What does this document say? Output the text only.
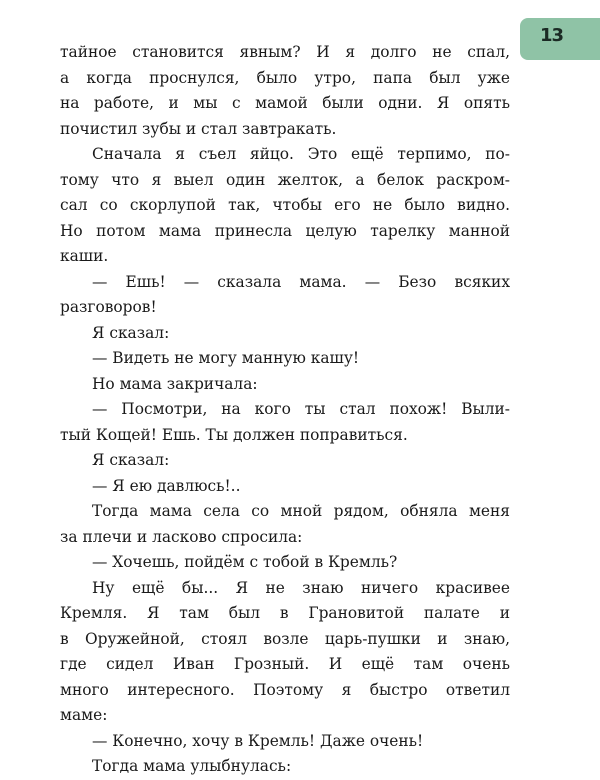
13
тайное становится явным? И я долго не спал,
а когда проснулся, было утро, папа был уже
на работе, и мы с мамой были одни. Я опять
почистил зубы и стал завтракать.
Сначала я съел яйцо. Это ещё терпимо, по-
тому что я выел один желток, а белок раскром-
сал со скорлупой так, чтобы его не было видно.
Но потом мама принесла целую тарелку манной
каши.
— Ешь! — сказала мама. — Безо всяких
разговоров!
Я сказал:
— Видеть не могу манную кашу!
Но мама закричала:
— Посмотри, на кого ты стал похож! Выли-
тый Кощей! Ешь. Ты должен поправиться.
Я сказал:
— Я ею давлюсь!..
Тогда мама села со мной рядом, обняла меня
за плечи и ласково спросила:
— Хочешь, пойдём с тобой в Кремль?
Ну ещё бы... Я не знаю ничего красивее
Кремля. Я там был в Грановитой палате и
в Оружейной, стоял возле царь-пушки и знаю,
где сидел Иван Грозный. И ещё там очень
много интересного. Поэтому я быстро ответил
маме:
— Конечно, хочу в Кремль! Даже очень!
Тогда мама улыбнулась:
